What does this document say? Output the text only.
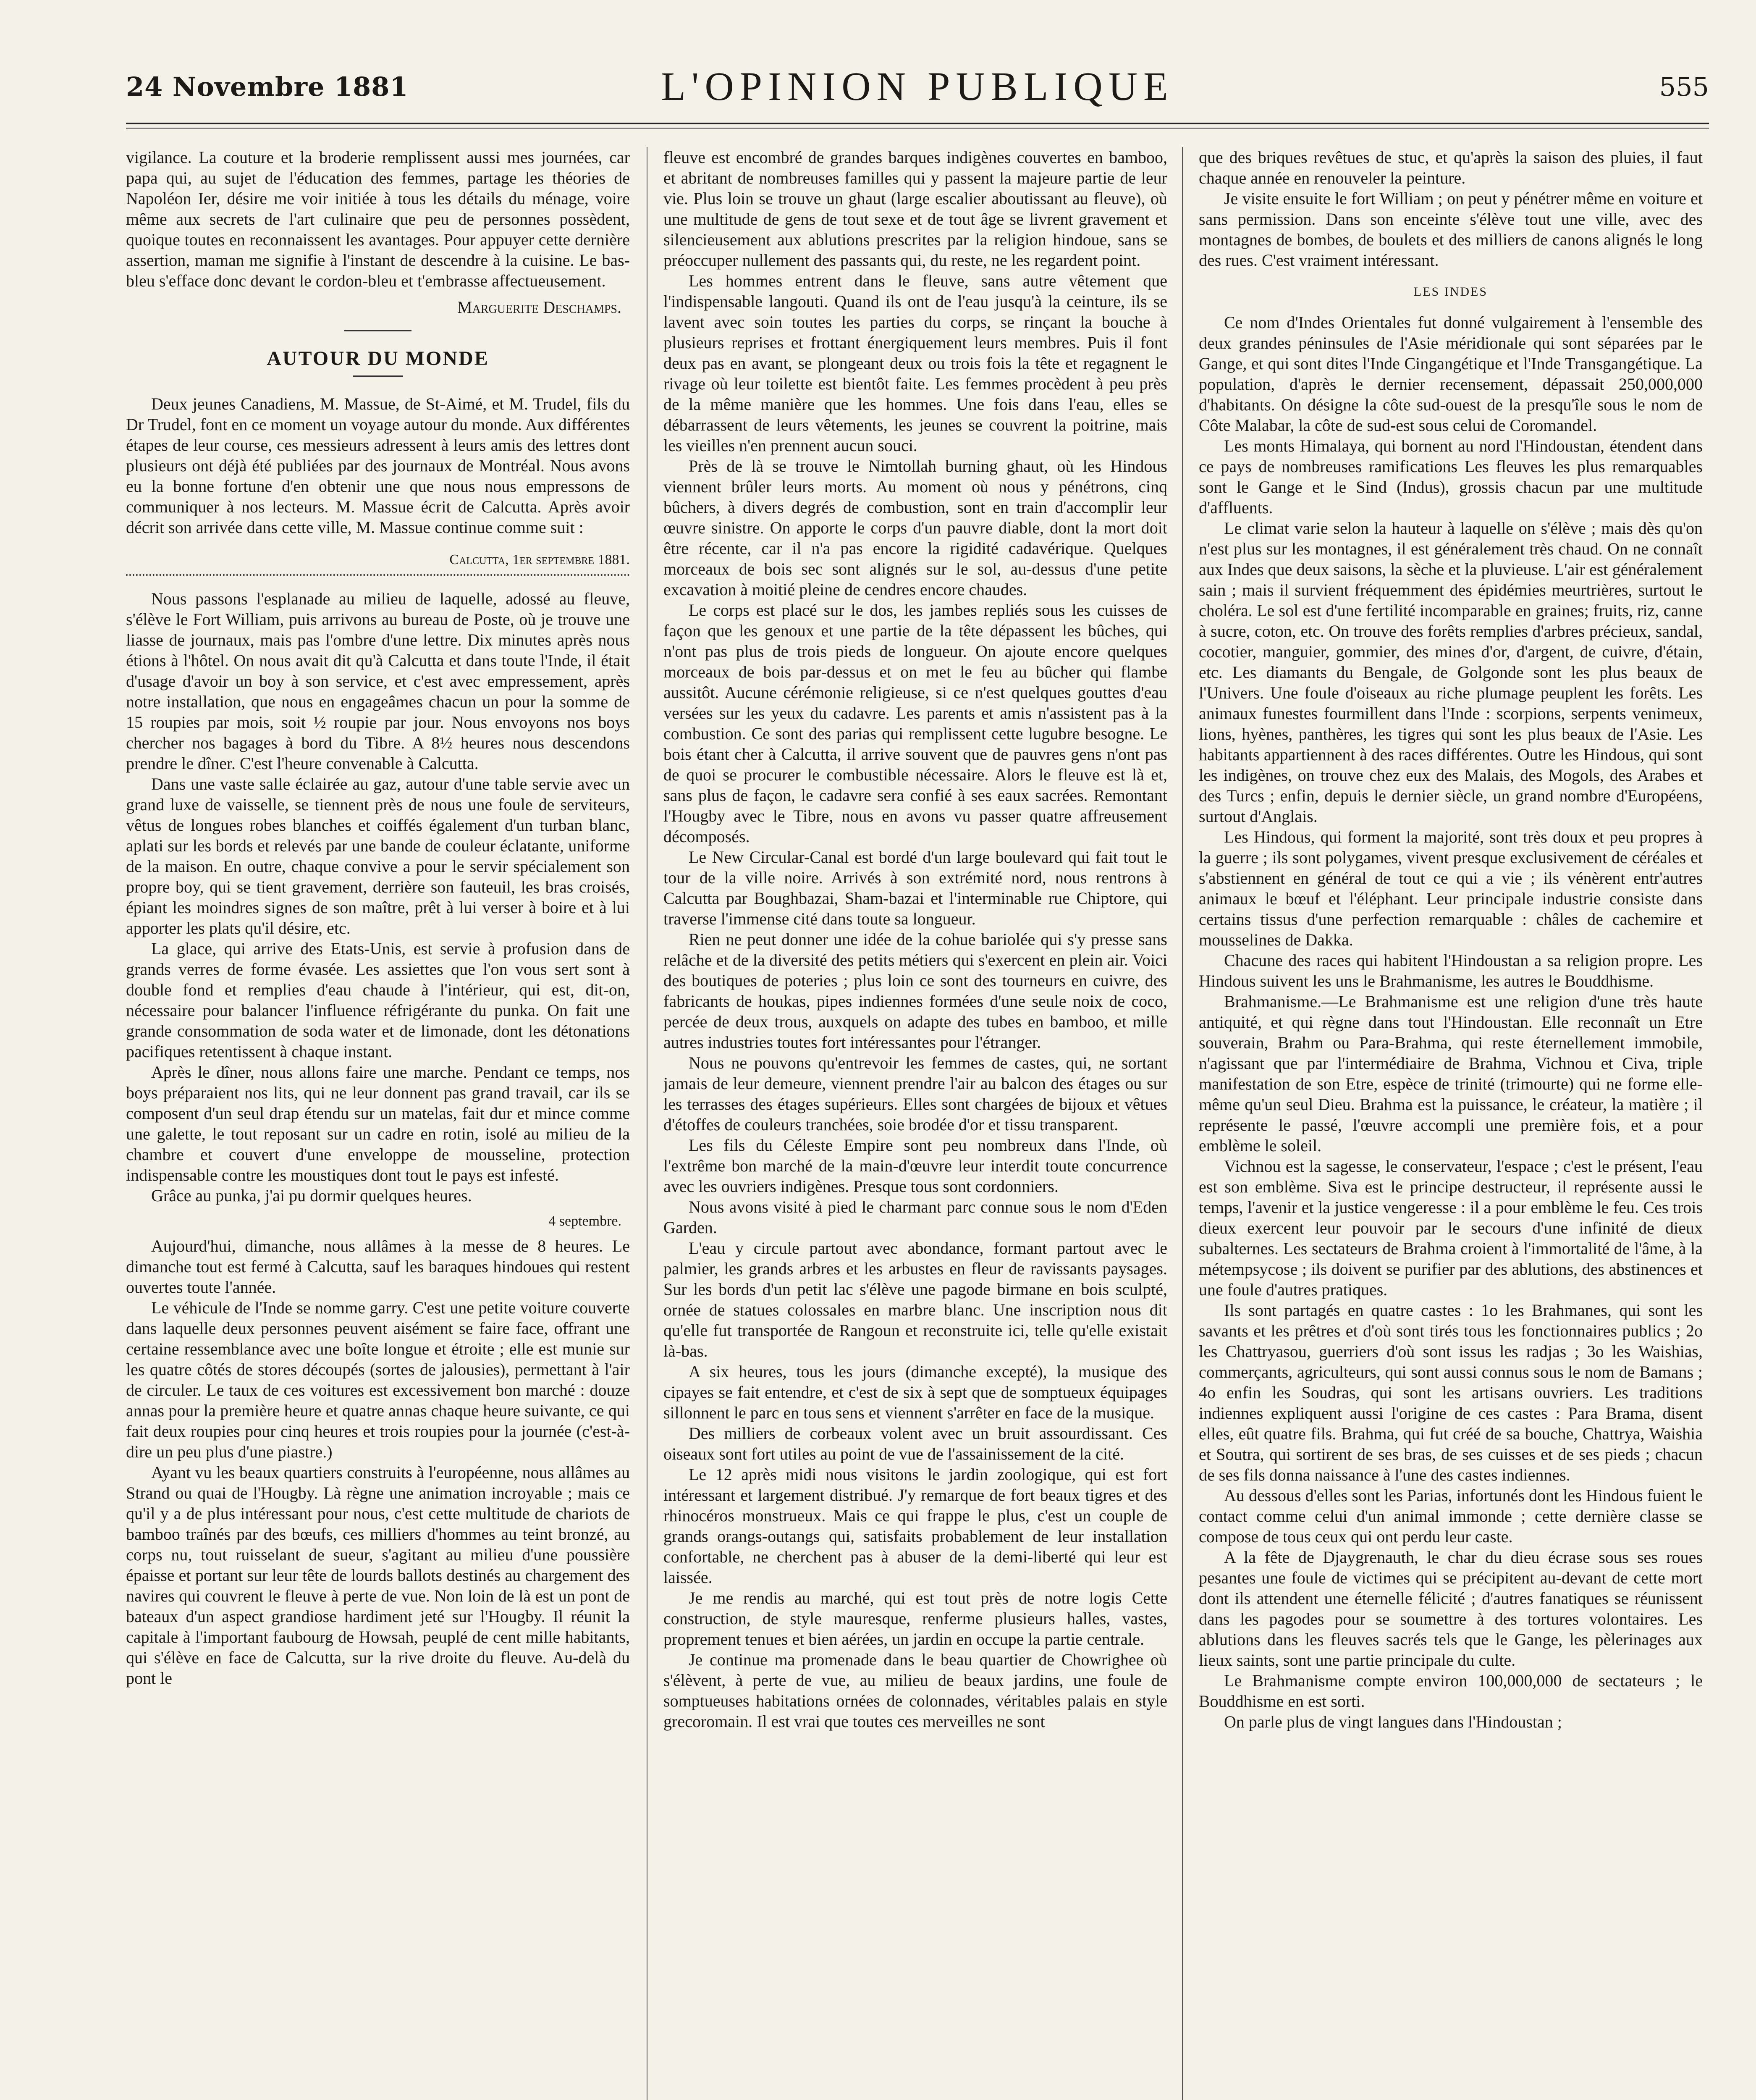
24 Novembre 1881	L'OPINION PUBLIQUE	555

vigilance. La couture et la broderie remplissent aussi mes journées, car papa qui, au sujet de l'éducation des femmes, partage les théories de Napoléon Ier, désire me voir initiée à tous les détails du ménage, voire même aux secrets de l'art culinaire que peu de personnes possèdent, quoique toutes en reconnaissent les avantages. Pour appuyer cette dernière assertion, maman me signifie à l'instant de descendre à la cuisine. Le bas-bleu s'efface donc devant le cordon-bleu et t'embrasse affectueusement.

Marguerite Deschamps.
AUTOUR DU MONDE

Deux jeunes Canadiens, M. Massue, de St-Aimé, et M. Trudel, fils du Dr Trudel, font en ce moment un voyage autour du monde. Aux différentes étapes de leur course, ces messieurs adressent à leurs amis des lettres dont plusieurs ont déjà été publiées par des journaux de Montréal. Nous avons eu la bonne fortune d'en obtenir une que nous nous empressons de communiquer à nos lecteurs. M. Massue écrit de Calcutta. Après avoir décrit son arrivée dans cette ville, M. Massue continue comme suit :

Calcutta, 1er septembre 1881.

Nous passons l'esplanade au milieu de laquelle, adossé au fleuve, s'élève le Fort William, puis arrivons au bureau de Poste, où je trouve une liasse de journaux, mais pas l'ombre d'une lettre. Dix minutes après nous étions à l'hôtel. On nous avait dit qu'à Calcutta et dans toute l'Inde, il était d'usage d'avoir un boy à son service, et c'est avec empressement, après notre installation, que nous en engageâmes chacun un pour la somme de 15 roupies par mois, soit ½ roupie par jour. Nous envoyons nos boys chercher nos bagages à bord du Tibre. A 8½ heures nous descendons prendre le dîner. C'est l'heure convenable à Calcutta.

Dans une vaste salle éclairée au gaz, autour d'une table servie avec un grand luxe de vaisselle, se tiennent près de nous une foule de serviteurs, vêtus de longues robes blanches et coiffés également d'un turban blanc, aplati sur les bords et relevés par une bande de couleur éclatante, uniforme de la maison. En outre, chaque convive a pour le servir spécialement son propre boy, qui se tient gravement, derrière son fauteuil, les bras croisés, épiant les moindres signes de son maître, prêt à lui verser à boire et à lui apporter les plats qu'il désire, etc.

La glace, qui arrive des Etats-Unis, est servie à profusion dans de grands verres de forme évasée. Les assiettes que l'on vous sert sont à double fond et remplies d'eau chaude à l'intérieur, qui est, dit-on, nécessaire pour balancer l'influence réfrigérante du punka. On fait une grande consommation de soda water et de limonade, dont les détonations pacifiques retentissent à chaque instant.

Après le dîner, nous allons faire une marche. Pendant ce temps, nos boys préparaient nos lits, qui ne leur donnent pas grand travail, car ils se composent d'un seul drap étendu sur un matelas, fait dur et mince comme une galette, le tout reposant sur un cadre en rotin, isolé au milieu de la chambre et couvert d'une enveloppe de mousseline, protection indispensable contre les moustiques dont tout le pays est infesté.

Grâce au punka, j'ai pu dormir quelques heures.

4 septembre.

Aujourd'hui, dimanche, nous allâmes à la messe de 8 heures. Le dimanche tout est fermé à Calcutta, sauf les baraques hindoues qui restent ouvertes toute l'année.

Le véhicule de l'Inde se nomme garry. C'est une petite voiture couverte dans laquelle deux personnes peuvent aisément se faire face, offrant une certaine ressemblance avec une boîte longue et étroite ; elle est munie sur les quatre côtés de stores découpés (sortes de jalousies), permettant à l'air de circuler. Le taux de ces voitures est excessivement bon marché : douze annas pour la première heure et quatre annas chaque heure suivante, ce qui fait deux roupies pour cinq heures et trois roupies pour la journée (c'est-à-dire un peu plus d'une piastre.)

Ayant vu les beaux quartiers construits à l'européenne, nous allâmes au Strand ou quai de l'Hougby. Là règne une animation incroyable ; mais ce qu'il y a de plus intéressant pour nous, c'est cette multitude de chariots de bamboo traînés par des bœufs, ces milliers d'hommes au teint bronzé, au corps nu, tout ruisselant de sueur, s'agitant au milieu d'une poussière épaisse et portant sur leur tête de lourds ballots destinés au chargement des navires qui couvrent le fleuve à perte de vue. Non loin de là est un pont de bateaux d'un aspect grandiose hardiment jeté sur l'Hougby. Il réunit la capitale à l'important faubourg de Howsah, peuplé de cent mille habitants, qui s'élève en face de Calcutta, sur la rive droite du fleuve. Au-delà du pont le

fleuve est encombré de grandes barques indigènes couvertes en bamboo, et abritant de nombreuses familles qui y passent la majeure partie de leur vie. Plus loin se trouve un ghaut (large escalier aboutissant au fleuve), où une multitude de gens de tout sexe et de tout âge se livrent gravement et silencieusement aux ablutions prescrites par la religion hindoue, sans se préoccuper nullement des passants qui, du reste, ne les regardent point.

Les hommes entrent dans le fleuve, sans autre vêtement que l'indispensable langouti. Quand ils ont de l'eau jusqu'à la ceinture, ils se lavent avec soin toutes les parties du corps, se rinçant la bouche à plusieurs reprises et frottant énergiquement leurs membres. Puis il font deux pas en avant, se plongeant deux ou trois fois la tête et regagnent le rivage où leur toilette est bientôt faite. Les femmes procèdent à peu près de la même manière que les hommes. Une fois dans l'eau, elles se débarrassent de leurs vêtements, les jeunes se couvrent la poitrine, mais les vieilles n'en prennent aucun souci.

Près de là se trouve le Nimtollah burning ghaut, où les Hindous viennent brûler leurs morts. Au moment où nous y pénétrons, cinq bûchers, à divers degrés de combustion, sont en train d'accomplir leur œuvre sinistre. On apporte le corps d'un pauvre diable, dont la mort doit être récente, car il n'a pas encore la rigidité cadavérique. Quelques morceaux de bois sec sont alignés sur le sol, au-dessus d'une petite excavation à moitié pleine de cendres encore chaudes.

Le corps est placé sur le dos, les jambes repliés sous les cuisses de façon que les genoux et une partie de la tête dépassent les bûches, qui n'ont pas plus de trois pieds de longueur. On ajoute encore quelques morceaux de bois par-dessus et on met le feu au bûcher qui flambe aussitôt. Aucune cérémonie religieuse, si ce n'est quelques gouttes d'eau versées sur les yeux du cadavre. Les parents et amis n'assistent pas à la combustion. Ce sont des parias qui remplissent cette lugubre besogne. Le bois étant cher à Calcutta, il arrive souvent que de pauvres gens n'ont pas de quoi se procurer le combustible nécessaire. Alors le fleuve est là et, sans plus de façon, le cadavre sera confié à ses eaux sacrées. Remontant l'Hougby avec le Tibre, nous en avons vu passer quatre affreusement décomposés.

Le New Circular-Canal est bordé d'un large boulevard qui fait tout le tour de la ville noire. Arrivés à son extrémité nord, nous rentrons à Calcutta par Boughbazai, Sham-bazai et l'interminable rue Chiptore, qui traverse l'immense cité dans toute sa longueur.

Rien ne peut donner une idée de la cohue bariolée qui s'y presse sans relâche et de la diversité des petits métiers qui s'exercent en plein air. Voici des boutiques de poteries ; plus loin ce sont des tourneurs en cuivre, des fabricants de houkas, pipes indiennes formées d'une seule noix de coco, percée de deux trous, auxquels on adapte des tubes en bamboo, et mille autres industries toutes fort intéressantes pour l'étranger.

Nous ne pouvons qu'entrevoir les femmes de castes, qui, ne sortant jamais de leur demeure, viennent prendre l'air au balcon des étages ou sur les terrasses des étages supérieurs. Elles sont chargées de bijoux et vêtues d'étoffes de couleurs tranchées, soie brodée d'or et tissu transparent.

Les fils du Céleste Empire sont peu nombreux dans l'Inde, où l'extrême bon marché de la main-d'œuvre leur interdit toute concurrence avec les ouvriers indigènes. Presque tous sont cordonniers.

Nous avons visité à pied le charmant parc connue sous le nom d'Eden Garden.

L'eau y circule partout avec abondance, formant partout avec le palmier, les grands arbres et les arbustes en fleur de ravissants paysages. Sur les bords d'un petit lac s'élève une pagode birmane en bois sculpté, ornée de statues colossales en marbre blanc. Une inscription nous dit qu'elle fut transportée de Rangoun et reconstruite ici, telle qu'elle existait là-bas.

A six heures, tous les jours (dimanche excepté), la musique des cipayes se fait entendre, et c'est de six à sept que de somptueux équipages sillonnent le parc en tous sens et viennent s'arrêter en face de la musique.

Des milliers de corbeaux volent avec un bruit assourdissant. Ces oiseaux sont fort utiles au point de vue de l'assainissement de la cité.

Le 12 après midi nous visitons le jardin zoologique, qui est fort intéressant et largement distribué. J'y remarque de fort beaux tigres et des rhinocéros monstrueux. Mais ce qui frappe le plus, c'est un couple de grands orangs-outangs qui, satisfaits probablement de leur installation confortable, ne cherchent pas à abuser de la demi-liberté qui leur est laissée.

Je me rendis au marché, qui est tout près de notre logis Cette construction, de style mauresque, renferme plusieurs halles, vastes, proprement tenues et bien aérées, un jardin en occupe la partie centrale.

Je continue ma promenade dans le beau quartier de Chowrighee où s'élèvent, à perte de vue, au milieu de beaux jardins, une foule de somptueuses habitations ornées de colonnades, véritables palais en style grecoromain. Il est vrai que toutes ces merveilles ne sont

que des briques revêtues de stuc, et qu'après la saison des pluies, il faut chaque année en renouveler la peinture.

Je visite ensuite le fort William ; on peut y pénétrer même en voiture et sans permission. Dans son enceinte s'élève tout une ville, avec des montagnes de bombes, de boulets et des milliers de canons alignés le long des rues. C'est vraiment intéressant.

LES INDES

Ce nom d'Indes Orientales fut donné vulgairement à l'ensemble des deux grandes péninsules de l'Asie méridionale qui sont séparées par le Gange, et qui sont dites l'Inde Cingangétique et l'Inde Transgangétique. La population, d'après le dernier recensement, dépassait 250,000,000 d'habitants. On désigne la côte sud-ouest de la presqu'île sous le nom de Côte Malabar, la côte de sud-est sous celui de Coromandel.

Les monts Himalaya, qui bornent au nord l'Hindoustan, étendent dans ce pays de nombreuses ramifications Les fleuves les plus remarquables sont le Gange et le Sind (Indus), grossis chacun par une multitude d'affluents.

Le climat varie selon la hauteur à laquelle on s'élève ; mais dès qu'on n'est plus sur les montagnes, il est généralement très chaud. On ne connaît aux Indes que deux saisons, la sèche et la pluvieuse. L'air est généralement sain ; mais il survient fréquemment des épidémies meurtrières, surtout le choléra. Le sol est d'une fertilité incomparable en graines; fruits, riz, canne à sucre, coton, etc. On trouve des forêts remplies d'arbres précieux, sandal, cocotier, manguier, gommier, des mines d'or, d'argent, de cuivre, d'étain, etc. Les diamants du Bengale, de Golgonde sont les plus beaux de l'Univers. Une foule d'oiseaux au riche plumage peuplent les forêts. Les animaux funestes fourmillent dans l'Inde : scorpions, serpents venimeux, lions, hyènes, panthères, les tigres qui sont les plus beaux de l'Asie. Les habitants appartiennent à des races différentes. Outre les Hindous, qui sont les indigènes, on trouve chez eux des Malais, des Mogols, des Arabes et des Turcs ; enfin, depuis le dernier siècle, un grand nombre d'Européens, surtout d'Anglais.

Les Hindous, qui forment la majorité, sont très doux et peu propres à la guerre ; ils sont polygames, vivent presque exclusivement de céréales et s'abstiennent en général de tout ce qui a vie ; ils vénèrent entr'autres animaux le bœuf et l'éléphant. Leur principale industrie consiste dans certains tissus d'une perfection remarquable : châles de cachemire et mousselines de Dakka.

Chacune des races qui habitent l'Hindoustan a sa religion propre. Les Hindous suivent les uns le Brahmanisme, les autres le Bouddhisme.

Brahmanisme.—Le Brahmanisme est une religion d'une très haute antiquité, et qui règne dans tout l'Hindoustan. Elle reconnaît un Etre souverain, Brahm ou Para-Brahma, qui reste éternellement immobile, n'agissant que par l'intermédiaire de Brahma, Vichnou et Civa, triple manifestation de son Etre, espèce de trinité (trimourte) qui ne forme elle-même qu'un seul Dieu. Brahma est la puissance, le créateur, la matière ; il représente le passé, l'œuvre accompli une première fois, et a pour emblème le soleil.

Vichnou est la sagesse, le conservateur, l'espace ; c'est le présent, l'eau est son emblème. Siva est le principe destructeur, il représente aussi le temps, l'avenir et la justice vengeresse : il a pour emblème le feu. Ces trois dieux exercent leur pouvoir par le secours d'une infinité de dieux subalternes. Les sectateurs de Brahma croient à l'immortalité de l'âme, à la métempsycose ; ils doivent se purifier par des ablutions, des abstinences et une foule d'autres pratiques.

Ils sont partagés en quatre castes : 1o les Brahmanes, qui sont les savants et les prêtres et d'où sont tirés tous les fonctionnaires publics ; 2o les Chattryasou, guerriers d'où sont issus les radjas ; 3o les Waishias, commerçants, agriculteurs, qui sont aussi connus sous le nom de Bamans ; 4o enfin les Soudras, qui sont les artisans ouvriers. Les traditions indiennes expliquent aussi l'origine de ces castes : Para Brama, disent elles, eût quatre fils. Brahma, qui fut créé de sa bouche, Chattrya, Waishia et Soutra, qui sortirent de ses bras, de ses cuisses et de ses pieds ; chacun de ses fils donna naissance à l'une des castes indiennes.

Au dessous d'elles sont les Parias, infortunés dont les Hindous fuient le contact comme celui d'un animal immonde ; cette dernière classe se compose de tous ceux qui ont perdu leur caste.

A la fête de Djaygrenauth, le char du dieu écrase sous ses roues pesantes une foule de victimes qui se précipitent au-devant de cette mort dont ils attendent une éternelle félicité ; d'autres fanatiques se réunissent dans les pagodes pour se soumettre à des tortures volontaires. Les ablutions dans les fleuves sacrés tels que le Gange, les pèlerinages aux lieux saints, sont une partie principale du culte.

Le Brahmanisme compte environ 100,000,000 de sectateurs ; le Bouddhisme en est sorti.

On parle plus de vingt langues dans l'Hindoustan ;
